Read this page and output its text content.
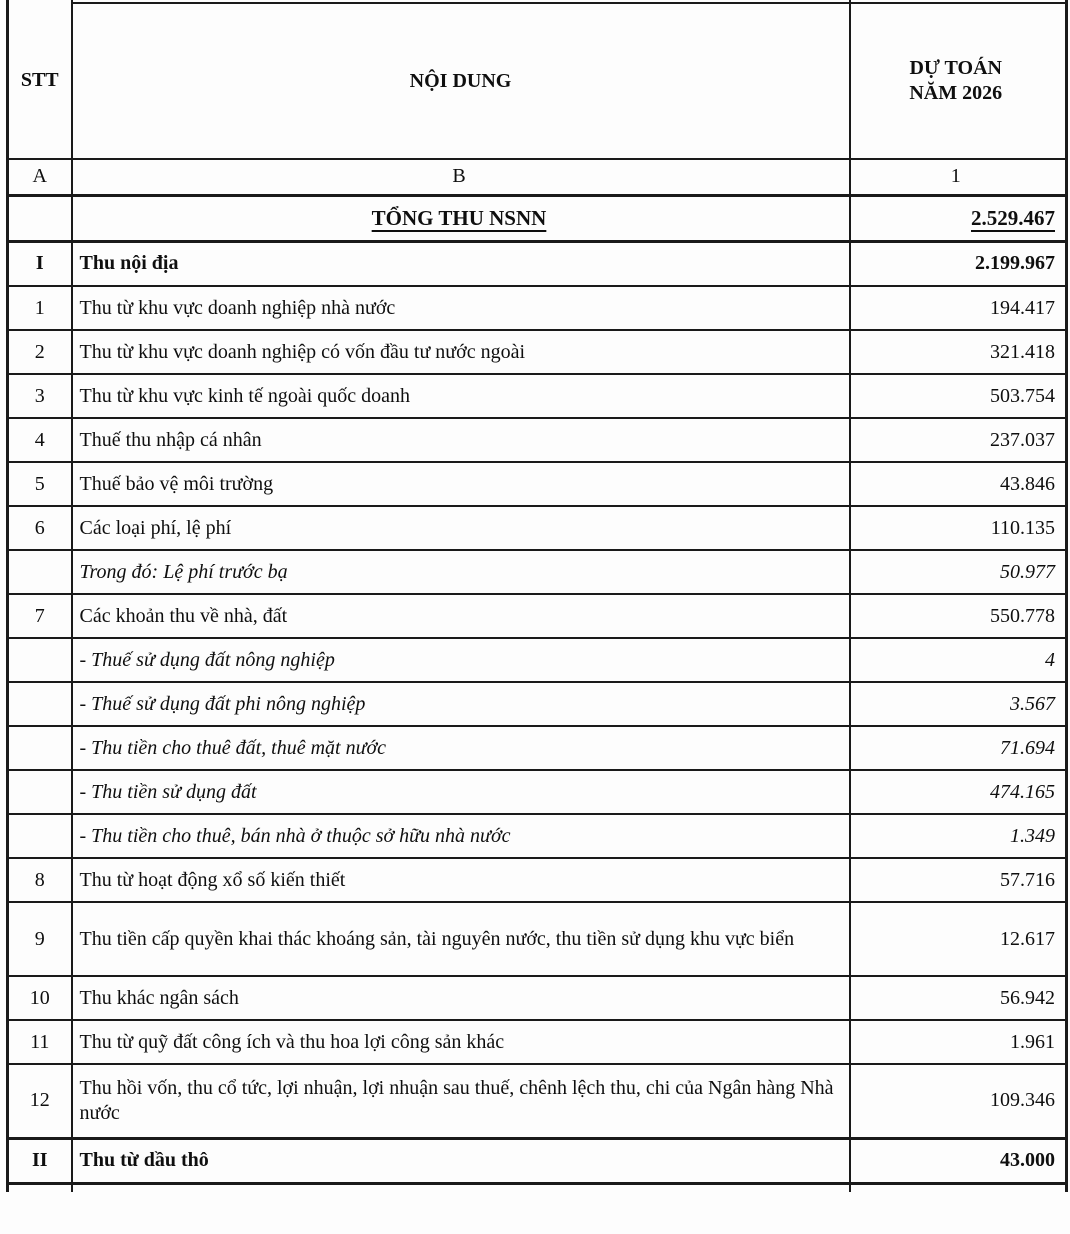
STT	NỘI DUNG	DỰ TOÁN
NĂM 2026
A	B	1
	TỔNG THU NSNN	2.529.467
I	Thu nội địa	2.199.967
1	Thu từ khu vực doanh nghiệp nhà nước	194.417
2	Thu từ khu vực doanh nghiệp có vốn đầu tư nước ngoài	321.418
3	Thu từ khu vực kinh tế ngoài quốc doanh	503.754
4	Thuế thu nhập cá nhân	237.037
5	Thuế bảo vệ môi trường	43.846
6	Các loại phí, lệ phí	110.135
	Trong đó: Lệ phí trước bạ	50.977
7	Các khoản thu về nhà, đất	550.778
	- Thuế sử dụng đất nông nghiệp	4
	- Thuế sử dụng đất phi nông nghiệp	3.567
	- Thu tiền cho thuê đất, thuê mặt nước	71.694
	- Thu tiền sử dụng đất	474.165
	- Thu tiền cho thuê, bán nhà ở thuộc sở hữu nhà nước	1.349
8	Thu từ hoạt động xổ số kiến thiết	57.716
9	Thu tiền cấp quyền khai thác khoáng sản, tài nguyên nước, thu tiền sử dụng khu vực biển	12.617
10	Thu khác ngân sách	56.942
11	Thu từ quỹ đất công ích và thu hoa lợi công sản khác	1.961
12	Thu hồi vốn, thu cổ tức, lợi nhuận, lợi nhuận sau thuế, chênh lệch thu, chi của Ngân hàng Nhà nước	109.346
II	Thu từ dầu thô	43.000
